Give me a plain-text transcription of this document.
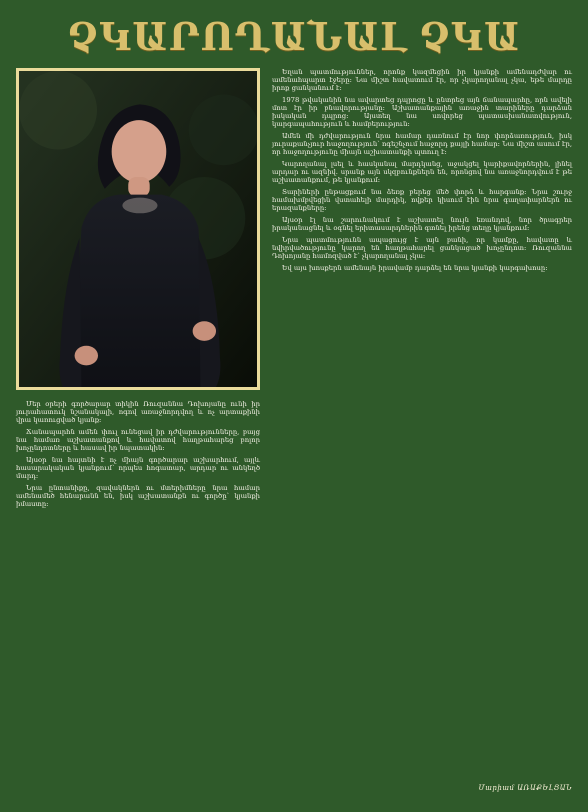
ՉԿԱՐՈՂԱՆԱԼ ՉԿԱ

Մեր օրերի գործարար տիկին Ռուզաննա Դոխոյանը ունի իր յուրահատուկ նշանակալի, ոգով առաջնորդվող և ոչ արտաքինի վրա կառուցված կյանք։

Ճանապարհն ամեն փուլ ունեցավ իր դժվարությունները, բայց նա համառ աշխատանքով և հավատով հաղթահարեց բոլոր խոչընդոտները և հասավ իր նպատակին։

Այսօր նա հայտնի է ոչ միայն գործարար աշխարհում, այլև հասարակական կյանքում՝ որպես հոգատար, արդար ու անկեղծ մարդ։

Նրա ընտանիքը, զավակներն ու մտերիմները նրա համար ամենամեծ հենարանն են, իսկ աշխատանքն ու գործը՝ կյանքի իմաստը։

Եղան պատմություններ, որոնք կազմեցին իր կյանքի ամենադժվար ու ամենահպարտ էջերը։ Նա միշտ հավատում էր, որ չկարողանալ չկա, եթե մարդը իրոք ցանկանում է։

1978 թվականին նա ավարտեց դպրոցը և ընտրեց այն ճանապարհը, որն ավելի մոտ էր իր բնավորությանը։ Աշխատանքային առաջին տարիները դարձան իսկական դպրոց։ Այստեղ նա սովորեց պատասխանատվություն, կարգապահություն և համբերություն։

Ամեն մի դժվարություն նրա համար դառնում էր նոր փորձառություն, իսկ յուրաքանչյուր հաջողություն՝ ոգեշնչում հաջորդ քայլի համար։ Նա միշտ ասում էր, որ հաջողությունը միայն աշխատանքի պտուղ է։

Կարողանալ լսել և հասկանալ մարդկանց, աջակցել կարիքավորներին, լինել արդար ու ազնիվ. սրանք այն սկզբունքներն են, որոնցով նա առաջնորդվում է թե աշխատանքում, թե կյանքում։

Տարիների ընթացքում նա ձեռք բերեց մեծ փորձ և հարգանք։ Նրա շուրջ համախմբվեցին վստահելի մարդիկ, ովքեր կիսում էին նրա գաղափարներն ու երազանքները։

Այսօր էլ նա շարունակում է աշխատել նույն եռանդով, նոր ծրագրեր իրականացնել և օգնել երիտասարդներին գտնել իրենց տեղը կյանքում։

Նրա պատմությունն ապացույց է այն բանի, որ կամքը, հավատը և նվիրվածությունը կարող են հաղթահարել ցանկացած խոչընդոտ։ Ռուզաննա Դոխոյանը համոզված է՝ չկարողանալ չկա։

Եվ այս խոսքերն ամենայն իրավամբ դարձել են նրա կյանքի կարգախոսը։

Մարիամ ԱՌԱՔԵԼՅԱՆ
